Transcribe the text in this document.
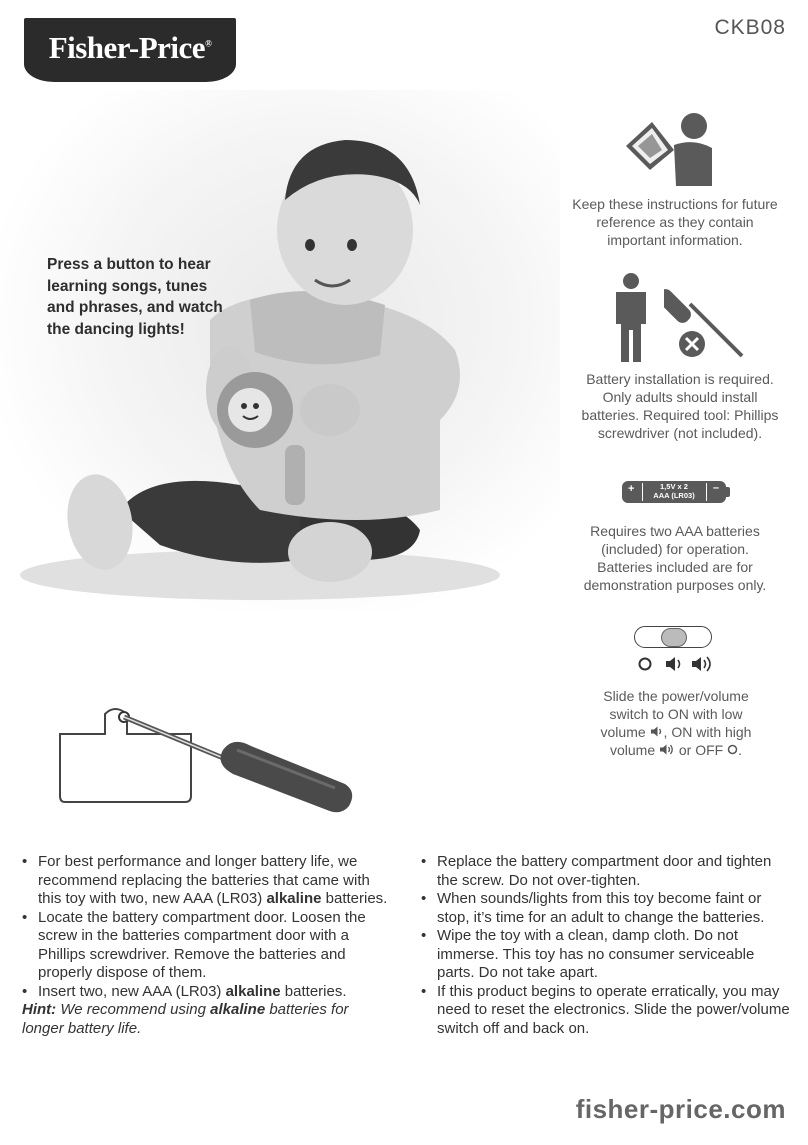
Fisher-Price®
CKB08
Press a button to hear learning songs, tunes and phrases, and watch the dancing lights!
Keep these instructions for future reference as they contain important information.
Battery installation is required. Only adults should install batteries. Required tool: Phillips screwdriver (not included).
+	1,5V x 2
AAA (LR03)
–
Requires two AAA batteries (included) for operation. Batteries included are for demonstration purposes only.
Slide the power/volume switch to ON with low volume , ON with high volume  or OFF .
• For best performance and longer battery life, we recommend replacing the batteries that came with this toy with two, new AAA (LR03) alkaline batteries.
• Locate the battery compartment door. Loosen the screw in the batteries compartment door with a Phillips screwdriver. Remove the batteries and properly dispose of them.
• Insert two, new AAA (LR03) alkaline batteries.
Hint: We recommend using alkaline batteries for longer battery life.
• Replace the battery compartment door and tighten the screw. Do not over-tighten.
• When sounds/lights from this toy become faint or stop, it’s time for an adult to change the batteries.
• Wipe the toy with a clean, damp cloth. Do not immerse. This toy has no consumer serviceable parts. Do not take apart.
• If this product begins to operate erratically, you may need to reset the electronics. Slide the power/volume switch off and back on.
fisher-price.com
